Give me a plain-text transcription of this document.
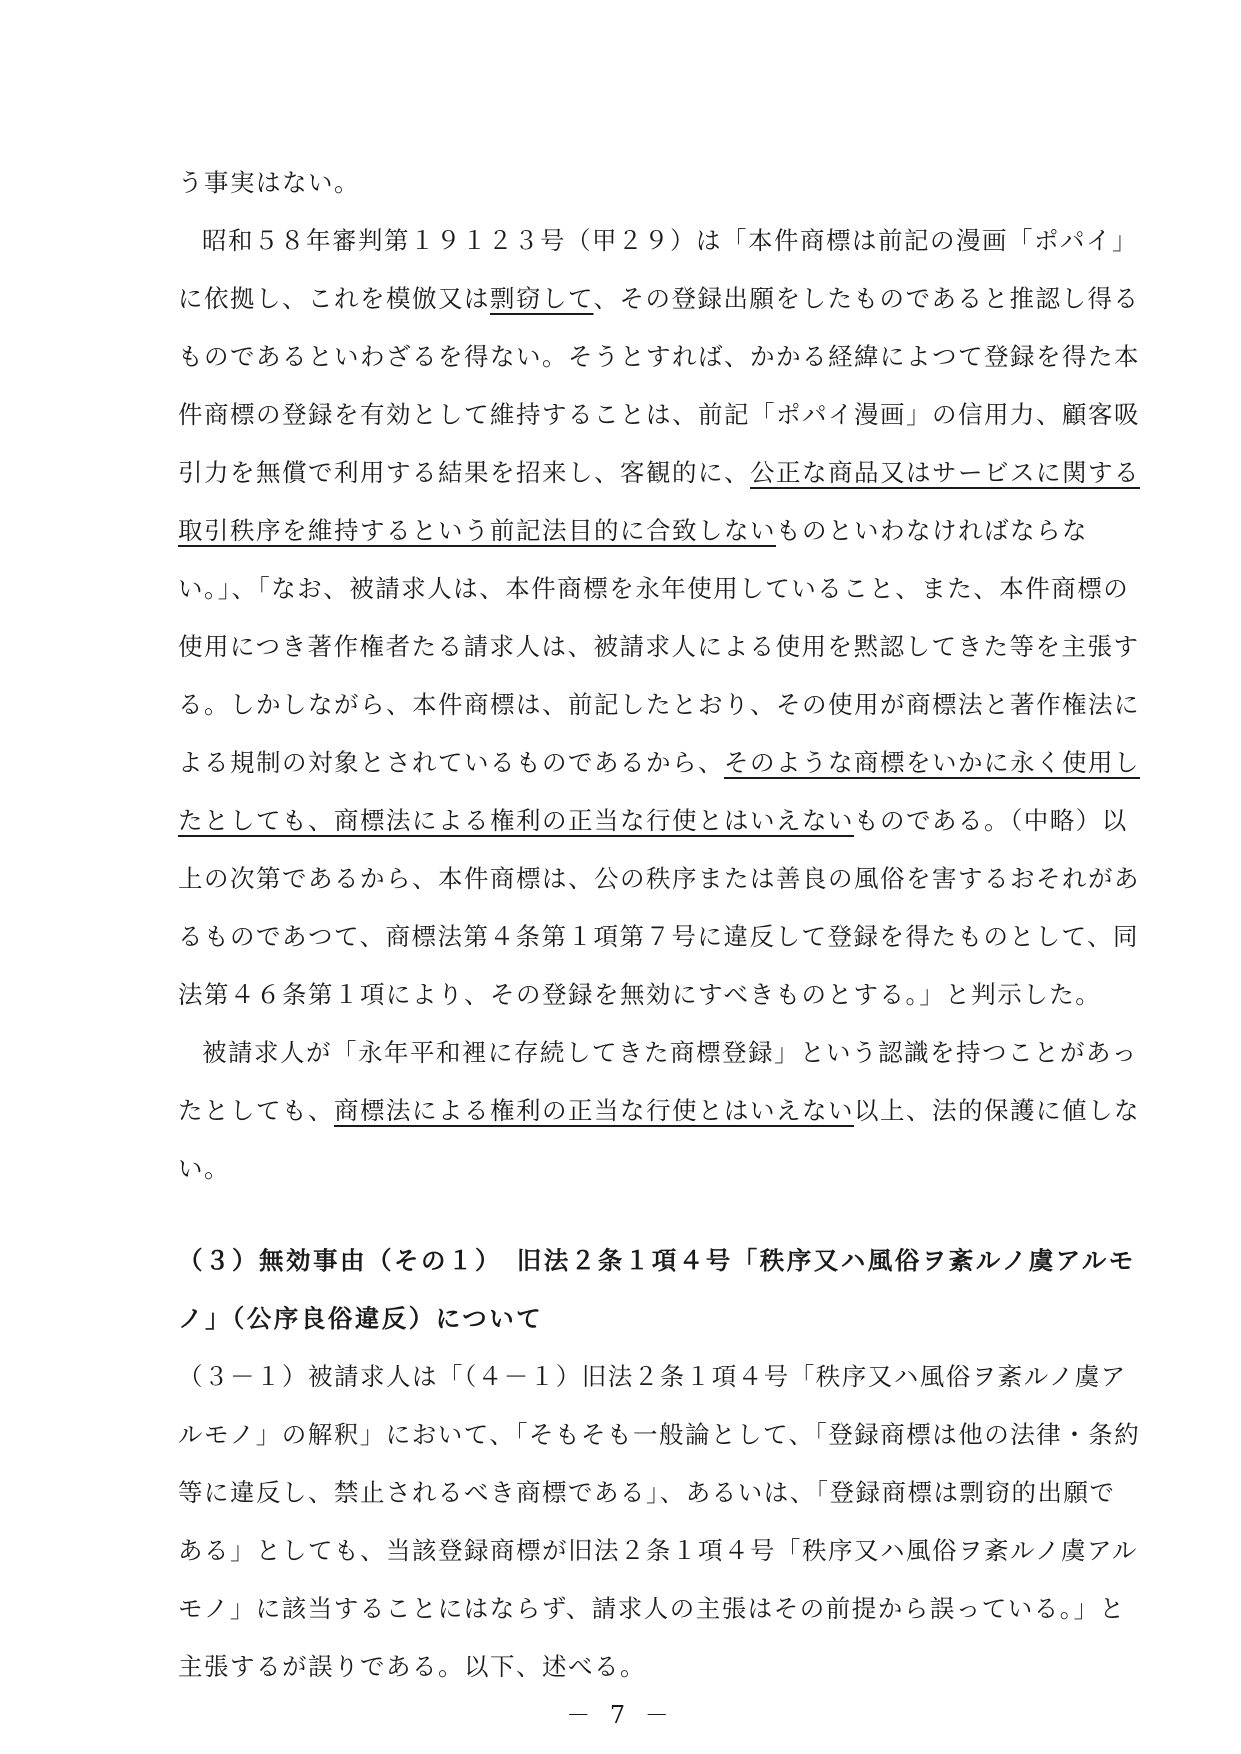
う事実はない。
昭和５８年審判第１９１２３号（甲２９）は「本件商標は前記の漫画「ポパイ」
に依拠し、これを模倣又は剽窃して、その登録出願をしたものであると推認し得る
ものであるといわざるを得ない。そうとすれば、かかる経緯によつて登録を得た本
件商標の登録を有効として維持することは、前記「ポパイ漫画」の信用力、顧客吸
引力を無償で利用する結果を招来し、客観的に、公正な商品又はサービスに関する
取引秩序を維持するという前記法目的に合致しないものといわなければならな
い。」、「なお、被請求人は、本件商標を永年使用していること、また、本件商標の
使用につき著作権者たる請求人は、被請求人による使用を黙認してきた等を主張す
る。しかしながら、本件商標は、前記したとおり、その使用が商標法と著作権法に
よる規制の対象とされているものであるから、そのような商標をいかに永く使用し
たとしても、商標法による権利の正当な行使とはいえないものである。（中略）以
上の次第であるから、本件商標は、公の秩序または善良の風俗を害するおそれがあ
るものであつて、商標法第４条第１項第７号に違反して登録を得たものとして、同
法第４６条第１項により、その登録を無効にすべきものとする。」と判示した。
被請求人が「永年平和裡に存続してきた商標登録」という認識を持つことがあっ
たとしても、商標法による権利の正当な行使とはいえない以上、法的保護に値しな
い。
（３）無効事由（その１）　旧法２条１項４号「秩序又ハ風俗ヲ紊ルノ虞アルモ
ノ」（公序良俗違反）について
（３－１）被請求人は「（４－１）旧法２条１項４号「秩序又ハ風俗ヲ紊ルノ虞ア
ルモノ」の解釈」において、「そもそも一般論として、「登録商標は他の法律・条約
等に違反し、禁止されるべき商標である」、あるいは、「登録商標は剽窃的出願で
ある」としても、当該登録商標が旧法２条１項４号「秩序又ハ風俗ヲ紊ルノ虞アル
モノ」に該当することにはならず、請求人の主張はその前提から誤っている。」と
主張するが誤りである。以下、述べる。
－ 7 －
